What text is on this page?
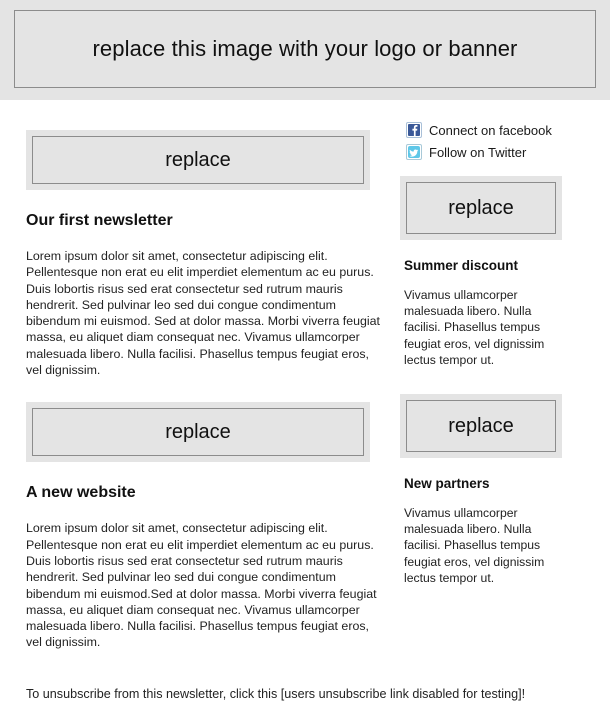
replace this image with your logo or banner
replace
Our first newsletter

Lorem ipsum dolor sit amet, consectetur adipiscing elit. Pellentesque non erat eu elit imperdiet elementum ac eu purus. Duis lobortis risus sed erat consectetur sed rutrum mauris hendrerit. Sed pulvinar leo sed dui congue condimentum bibendum mi euismod. Sed at dolor massa. Morbi viverra feugiat massa, eu aliquet diam consequat nec. Vivamus ullamcorper malesuada libero. Nulla facilisi. Phasellus tempus feugiat eros, vel dignissim.

replace
A new website

Lorem ipsum dolor sit amet, consectetur adipiscing elit. Pellentesque non erat eu elit imperdiet elementum ac eu purus. Duis lobortis risus sed erat consectetur sed rutrum mauris hendrerit. Sed pulvinar leo sed dui congue condimentum bibendum mi euismod.Sed at dolor massa. Morbi viverra feugiat massa, eu aliquet diam consequat nec. Vivamus ullamcorper malesuada libero. Nulla facilisi. Phasellus tempus feugiat eros, vel dignissim.

Connect on facebook
Follow on Twitter
replace
Summer discount

Vivamus ullamcorper malesuada libero. Nulla facilisi. Phasellus tempus feugiat eros, vel dignissim lectus tempor ut.

replace
New partners

Vivamus ullamcorper malesuada libero. Nulla facilisi. Phasellus tempus feugiat eros, vel dignissim lectus tempor ut.

To unsubscribe from this newsletter, click this [users unsubscribe link disabled for testing]!
